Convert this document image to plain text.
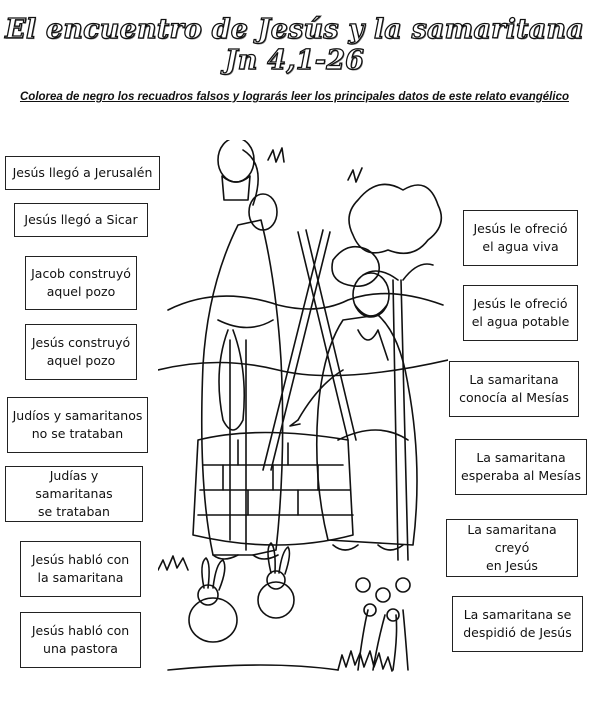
El encuentro de Jesús y la samaritana Jn 4,1-26
Colorea de negro los recuadros falsos y lograrás leer los principales datos de este relato evangélico
Jesús llegó a Jerusalén
Jesús llegó a Sicar
Jacob construyó
aquel pozo
Jesús construyó
aquel pozo
Judíos y samaritanos
no se trataban
Judías y samaritanas
se trataban
Jesús habló con
la samaritana
Jesús habló con
una pastora
Jesús le ofreció
el agua viva
Jesús le ofreció
el agua potable
La samaritana
conocía al Mesías
La samaritana
esperaba al Mesías
La samaritana creyó
en Jesús
La samaritana se
despidió de Jesús
